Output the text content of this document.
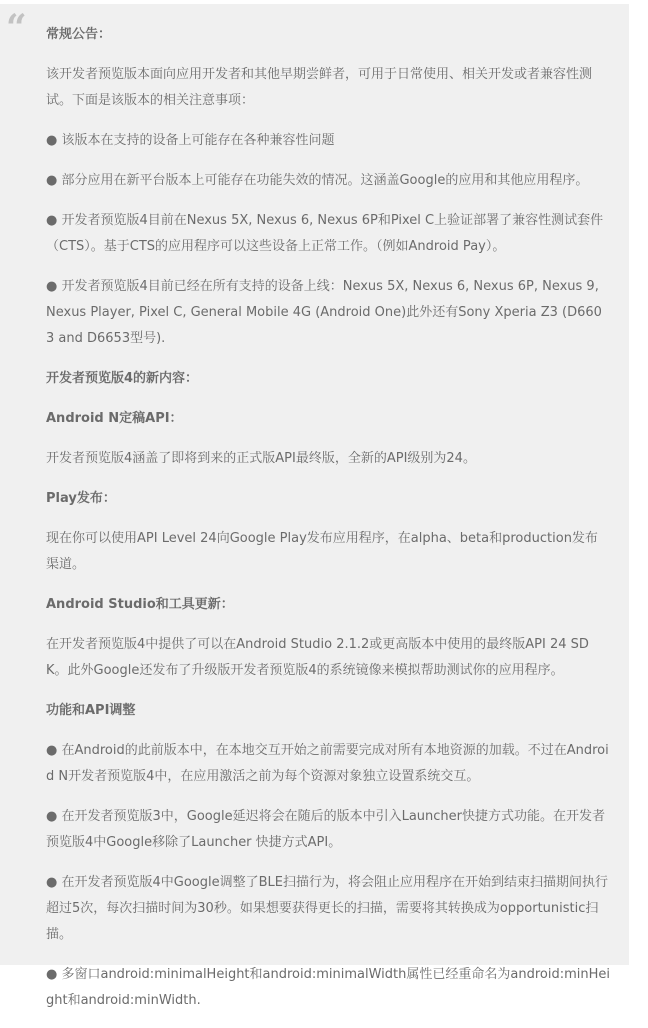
“ 常规公告：
该开发者预览版本面向应用开发者和其他早期尝鲜者，可用于日常使用、相关开发或者兼容性测试。下面是该版本的相关注意事项：
● 该版本在支持的设备上可能存在各种兼容性问题
● 部分应用在新平台版本上可能存在功能失效的情况。这涵盖Google的应用和其他应用程序。
● 开发者预览版4目前在Nexus 5X, Nexus 6, Nexus 6P和Pixel C上验证部署了兼容性测试套件（CTS）。基于CTS的应用程序可以这些设备上正常工作。（例如Android Pay）。
● 开发者预览版4目前已经在所有支持的设备上线：Nexus 5X, Nexus 6, Nexus 6P, Nexus 9, Nexus Player, Pixel C, General Mobile 4G (Android One)此外还有Sony Xperia Z3 (D6603 and D6653型号).
开发者预览版4的新内容：
Android N定稿API：
开发者预览版4涵盖了即将到来的正式版API最终版，全新的API级别为24。
Play发布：
现在你可以使用API Level 24向Google Play发布应用程序，在alpha、beta和production发布渠道。
Android Studio和工具更新：
在开发者预览版4中提供了可以在Android Studio 2.1.2或更高版本中使用的最终版API 24 SDK。此外Google还发布了升级版开发者预览版4的系统镜像来模拟帮助测试你的应用程序。
功能和API调整
● 在Android的此前版本中，在本地交互开始之前需要完成对所有本地资源的加载。不过在Android N开发者预览版4中，在应用激活之前为每个资源对象独立设置系统交互。
● 在开发者预览版3中，Google延迟将会在随后的版本中引入Launcher快捷方式功能。在开发者预览版4中Google移除了Launcher 快捷方式API。
● 在开发者预览版4中Google调整了BLE扫描行为，将会阻止应用程序在开始到结束扫描期间执行超过5次，每次扫描时间为30秒。如果想要获得更长的扫描，需要将其转换成为opportunistic扫描。
● 多窗口android:minimalHeight和android:minimalWidth属性已经重命名为android:minHeight和android:minWidth.
